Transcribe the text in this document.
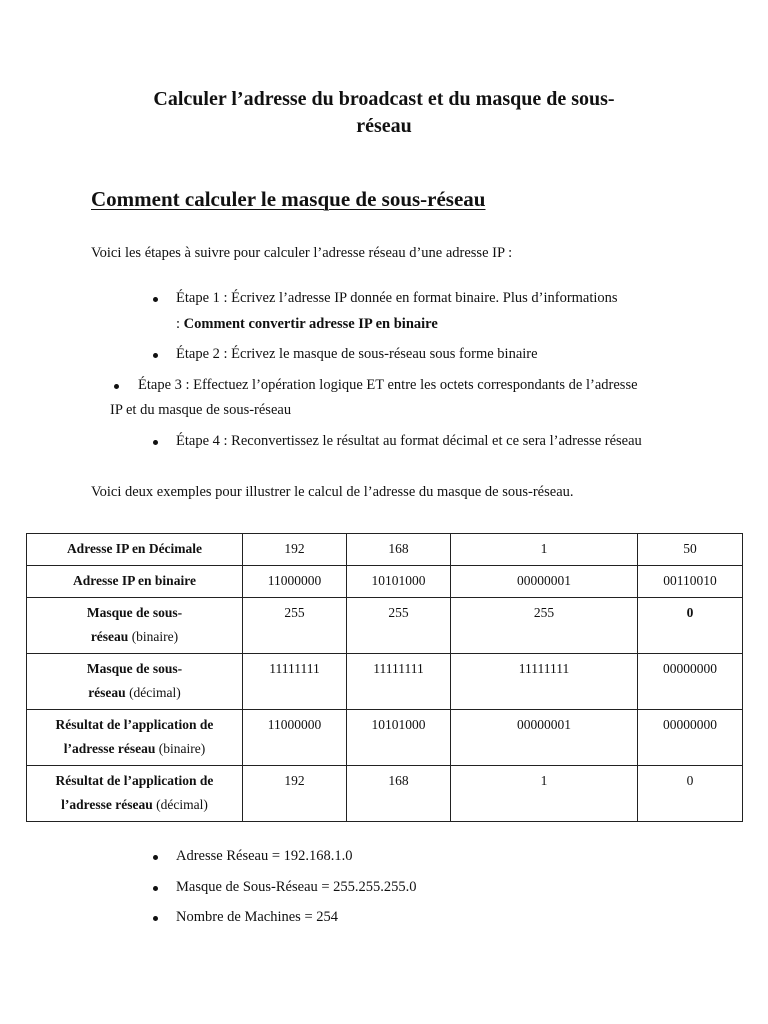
Calculer l’adresse du broadcast et du masque de sous-
réseau
Comment calculer le masque de sous-réseau
Voici les étapes à suivre pour calculer l’adresse réseau d’une adresse IP :
Étape 1 : Écrivez l’adresse IP donnée en format binaire. Plus d’informations
: Comment convertir adresse IP en binaire
Étape 2 : Écrivez le masque de sous-réseau sous forme binaire
Étape 3 : Effectuez l’opération logique ET entre les octets correspondants de l’adresse
IP et du masque de sous-réseau
Étape 4 : Reconvertissez le résultat au format décimal et ce sera l’adresse réseau
Voici deux exemples pour illustrer le calcul de l’adresse du masque de sous-réseau.
Adresse IP en Décimale	192	168	1	50
Adresse IP en binaire	11000000	10101000	00000001	00110010
Masque de sous-
réseau (binaire)	255	255	255	0
Masque de sous-
réseau (décimal)	11111111	11111111	11111111	00000000
Résultat de l’application de
l’adresse réseau (binaire)	11000000	10101000	00000001	00000000
Résultat de l’application de
l’adresse réseau (décimal)	192	168	1	0
Adresse Réseau = 192.168.1.0
Masque de Sous-Réseau = 255.255.255.0
Nombre de Machines = 254
